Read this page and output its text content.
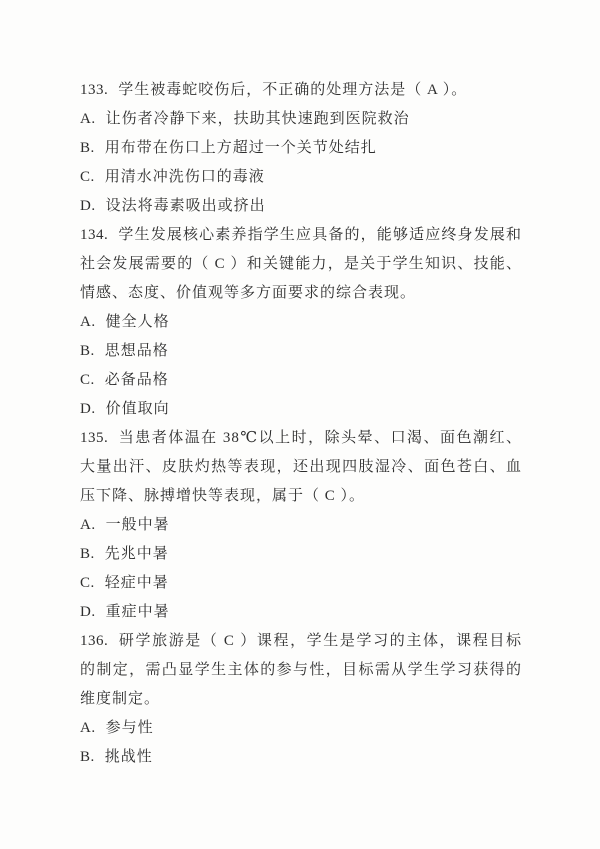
133. 学生被毒蛇咬伤后，不正确的处理方法是（ A ）。

A. 让伤者冷静下来，扶助其快速跑到医院救治

B. 用布带在伤口上方超过一个关节处结扎

C. 用清水冲洗伤口的毒液

D. 设法将毒素吸出或挤出

134. 学生发展核心素养指学生应具备的，能够适应终身发展和社会发展需要的（ C ）和关键能力，是关于学生知识、技能、情感、态度、价值观等多方面要求的综合表现。

A. 健全人格

B. 思想品格

C. 必备品格

D. 价值取向

135. 当患者体温在 38℃以上时，除头晕、口渴、面色潮红、大量出汗、皮肤灼热等表现，还出现四肢湿冷、面色苍白、血压下降、脉搏增快等表现，属于（ C ）。

A. 一般中暑

B. 先兆中暑

C. 轻症中暑

D. 重症中暑

136. 研学旅游是（ C ）课程，学生是学习的主体，课程目标的制定，需凸显学生主体的参与性，目标需从学生学习获得的维度制定。

A. 参与性

B. 挑战性
